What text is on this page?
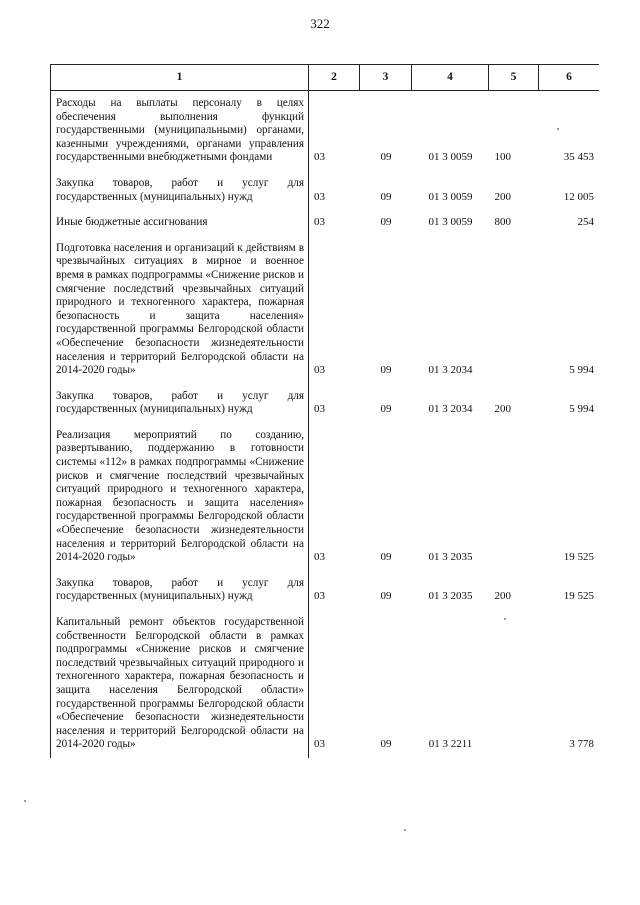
322
1	2	3	4	5	6
Расходы на выплаты персоналу в целях обеспечения выполнения функций государственными (муниципальными) органами, казенными учреждениями, органами управления государственными внебюджетными фондами	03	09	01 3 0059	100	35 453
Закупка товаров, работ и услуг для государственных (муниципальных) нужд	03	09	01 3 0059	200	12 005
Иные бюджетные ассигнования	03	09	01 3 0059	800	254
Подготовка населения и организаций к действиям в чрезвычайных ситуациях в мирное и военное время в рамках подпрограммы «Снижение рисков и смягчение последствий чрезвычайных ситуаций природного и техногенного характера, пожарная безопасность и защита населения» государственной программы Белгородской области «Обеспечение безопасности жизнедеятельности населения и территорий Белгородской области на 2014-2020 годы»	03	09	01 3 2034		5 994
Закупка товаров, работ и услуг для государственных (муниципальных) нужд	03	09	01 3 2034	200	5 994
Реализация мероприятий по созданию, развертыванию, поддержанию в готовности системы «112» в рамках подпрограммы «Снижение рисков и смягчение последствий чрезвычайных ситуаций природного и техногенного характера, пожарная безопасность и защита населения» государственной программы Белгородской области «Обеспечение безопасности жизнедеятельности населения и территорий Белгородской области на 2014-2020 годы»	03	09	01 3 2035		19 525
Закупка товаров, работ и услуг для государственных (муниципальных) нужд	03	09	01 3 2035	200	19 525
Капитальный ремонт объектов государственной собственности Белгородской области в рамках подпрограммы «Снижение рисков и смягчение последствий чрезвычайных ситуаций природного и техногенного характера, пожарная безопасность и защита населения Белгородской области» государственной программы Белгородской области «Обеспечение безопасности жизнедеятельности населения и территорий Белгородской области на 2014-2020 годы»	03	09	01 3 2211		3 778
